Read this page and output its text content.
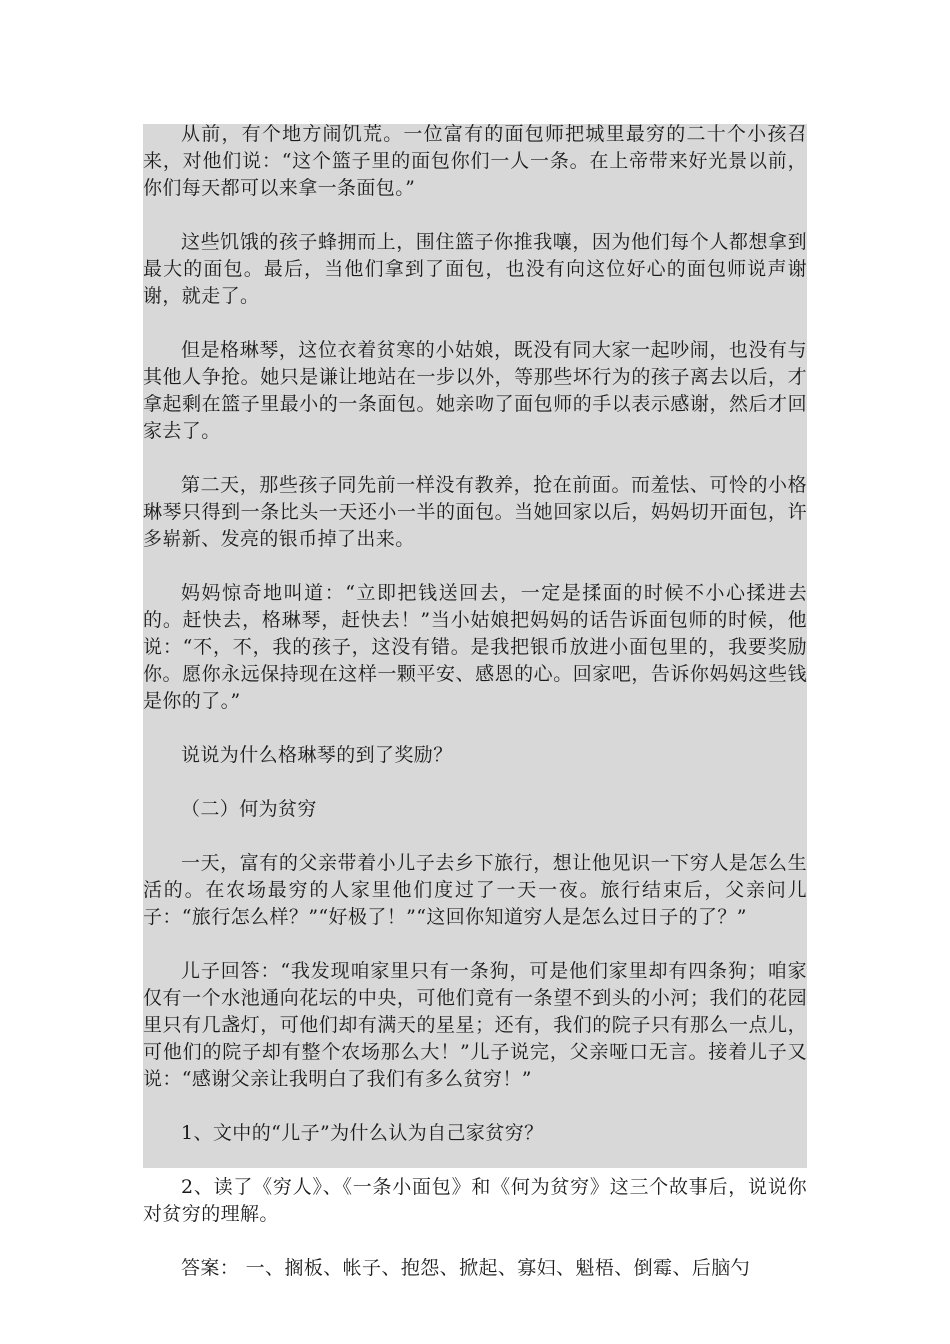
从前，有个地方闹饥荒。一位富有的面包师把城里最穷的二十个小孩召来，对他们说：“这个篮子里的面包你们一人一条。在上帝带来好光景以前，你们每天都可以来拿一条面包。”

这些饥饿的孩子蜂拥而上，围住篮子你推我嚷，因为他们每个人都想拿到最大的面包。最后，当他们拿到了面包，也没有向这位好心的面包师说声谢谢，就走了。

但是格琳琴，这位衣着贫寒的小姑娘，既没有同大家一起吵闹，也没有与其他人争抢。她只是谦让地站在一步以外，等那些坏行为的孩子离去以后，才拿起剩在篮子里最小的一条面包。她亲吻了面包师的手以表示感谢，然后才回家去了。

第二天，那些孩子同先前一样没有教养，抢在前面。而羞怯、可怜的小格琳琴只得到一条比头一天还小一半的面包。当她回家以后，妈妈切开面包，许多崭新、发亮的银币掉了出来。

妈妈惊奇地叫道：“立即把钱送回去，一定是揉面的时候不小心揉进去的。赶快去，格琳琴，赶快去！”当小姑娘把妈妈的话告诉面包师的时候，他说：“不，不，我的孩子，这没有错。是我把银币放进小面包里的，我要奖励你。愿你永远保持现在这样一颗平安、感恩的心。回家吧，告诉你妈妈这些钱是你的了。”

说说为什么格琳琴的到了奖励？

（二）何为贫穷

一天，富有的父亲带着小儿子去乡下旅行，想让他见识一下穷人是怎么生活的。在农场最穷的人家里他们度过了一天一夜。旅行结束后，父亲问儿子：“旅行怎么样？”“好极了！”“这回你知道穷人是怎么过日子的了？”

儿子回答：“我发现咱家里只有一条狗，可是他们家里却有四条狗；咱家仅有一个水池通向花坛的中央，可他们竟有一条望不到头的小河；我们的花园里只有几盏灯，可他们却有满天的星星；还有，我们的院子只有那么一点儿，可他们的院子却有整个农场那么大！”儿子说完，父亲哑口无言。接着儿子又说：“感谢父亲让我明白了我们有多么贫穷！”

1、文中的“儿子”为什么认为自己家贫穷？

2、读了《穷人》、《一条小面包》和《何为贫穷》这三个故事后，说说你对贫穷的理解。

答案： 一、搁板、帐子、抱怨、掀起、寡妇、魁梧、倒霉、后脑勺
